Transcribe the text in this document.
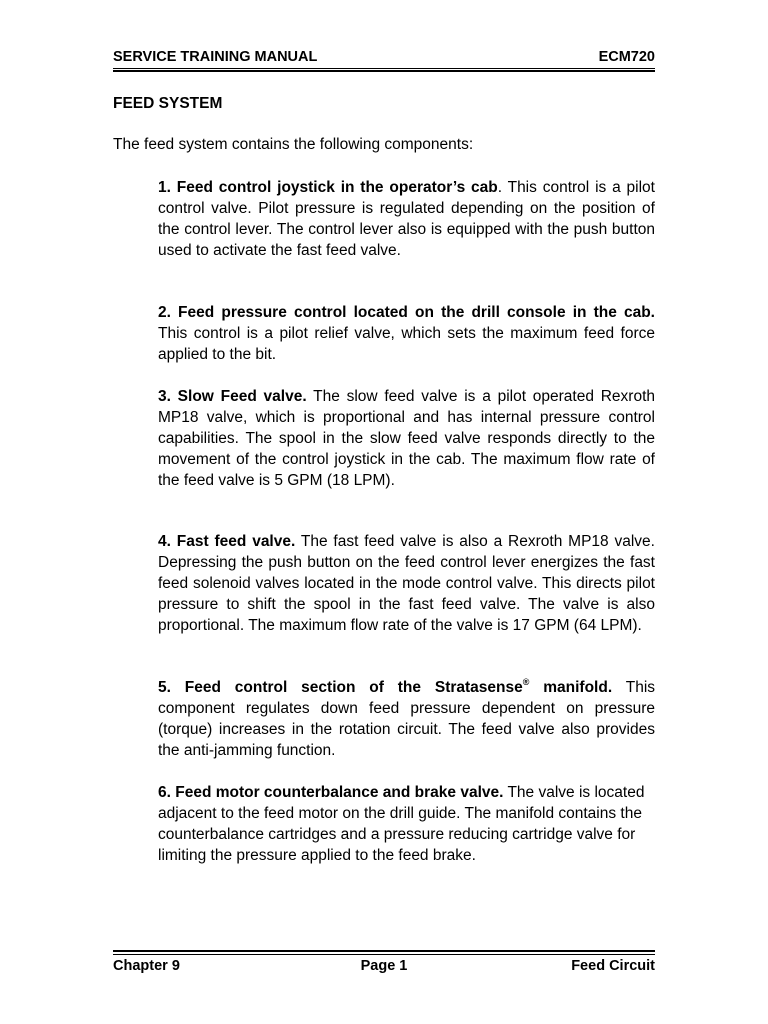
SERVICE TRAINING MANUAL	ECM720
FEED SYSTEM
The feed system contains the following components:
1. Feed control joystick in the operator’s cab. This control is a pilot control valve. Pilot pressure is regulated depending on the position of the control lever. The control lever also is equipped with the push button used to activate the fast feed valve.
2. Feed pressure control located on the drill console in the cab. This control is a pilot relief valve, which sets the maximum feed force applied to the bit.
3. Slow Feed valve. The slow feed valve is a pilot operated Rexroth MP18 valve, which is proportional and has internal pressure control capabilities. The spool in the slow feed valve responds directly to the movement of the control joystick in the cab. The maximum flow rate of the feed valve is 5 GPM (18 LPM).
4. Fast feed valve. The fast feed valve is also a Rexroth MP18 valve. Depressing the push button on the feed control lever energizes the fast feed solenoid valves located in the mode control valve. This directs pilot pressure to shift the spool in the fast feed valve. The valve is also proportional. The maximum flow rate of the valve is 17 GPM (64 LPM).
5. Feed control section of the Stratasense® manifold. This component regulates down feed pressure dependent on pressure (torque) increases in the rotation circuit. The feed valve also provides the anti-jamming function.
6. Feed motor counterbalance and brake valve. The valve is located adjacent to the feed motor on the drill guide. The manifold contains the counterbalance cartridges and a pressure reducing cartridge valve for limiting the pressure applied to the feed brake.
Chapter 9	Page 1	Feed Circuit
